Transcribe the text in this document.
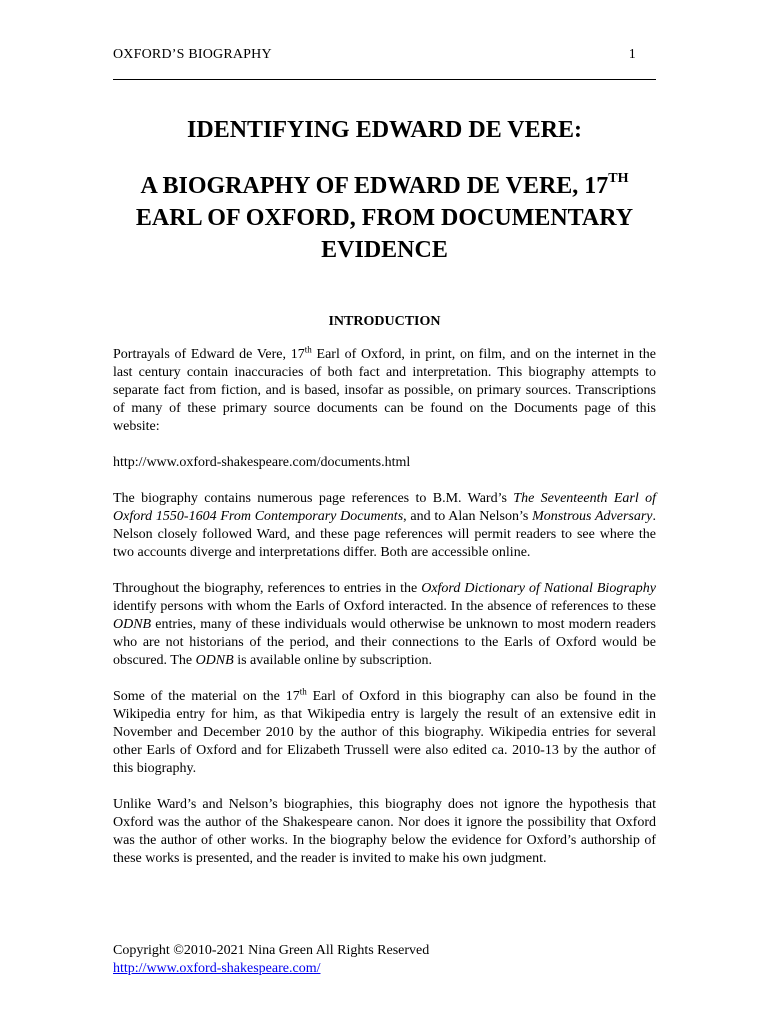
OXFORD’S BIOGRAPHY	1
IDENTIFYING EDWARD DE VERE:
A BIOGRAPHY OF EDWARD DE VERE, 17TH
EARL OF OXFORD, FROM DOCUMENTARY EVIDENCE
INTRODUCTION

Portrayals of Edward de Vere, 17th Earl of Oxford, in print, on film, and on the internet in the last century contain inaccuracies of both fact and interpretation. This biography attempts to separate fact from fiction, and is based, insofar as possible, on primary sources. Transcriptions of many of these primary source documents can be found on the Documents page of this website:

http://www.oxford-shakespeare.com/documents.html

The biography contains numerous page references to B.M. Ward’s The Seventeenth Earl of Oxford 1550-1604 From Contemporary Documents, and to Alan Nelson’s Monstrous Adversary. Nelson closely followed Ward, and these page references will permit readers to see where the two accounts diverge and interpretations differ. Both are accessible online.

Throughout the biography, references to entries in the Oxford Dictionary of National Biography identify persons with whom the Earls of Oxford interacted. In the absence of references to these ODNB entries, many of these individuals would otherwise be unknown to most modern readers who are not historians of the period, and their connections to the Earls of Oxford would be obscured. The ODNB is available online by subscription.

Some of the material on the 17th Earl of Oxford in this biography can also be found in the Wikipedia entry for him, as that Wikipedia entry is largely the result of an extensive edit in November and December 2010 by the author of this biography. Wikipedia entries for several other Earls of Oxford and for Elizabeth Trussell were also edited ca. 2010-13 by the author of this biography.

Unlike Ward’s and Nelson’s biographies, this biography does not ignore the hypothesis that Oxford was the author of the Shakespeare canon. Nor does it ignore the possibility that Oxford was the author of other works. In the biography below the evidence for Oxford’s authorship of these works is presented, and the reader is invited to make his own judgment.

Copyright ©2010-2021 Nina Green All Rights Reserved
http://www.oxford-shakespeare.com/
